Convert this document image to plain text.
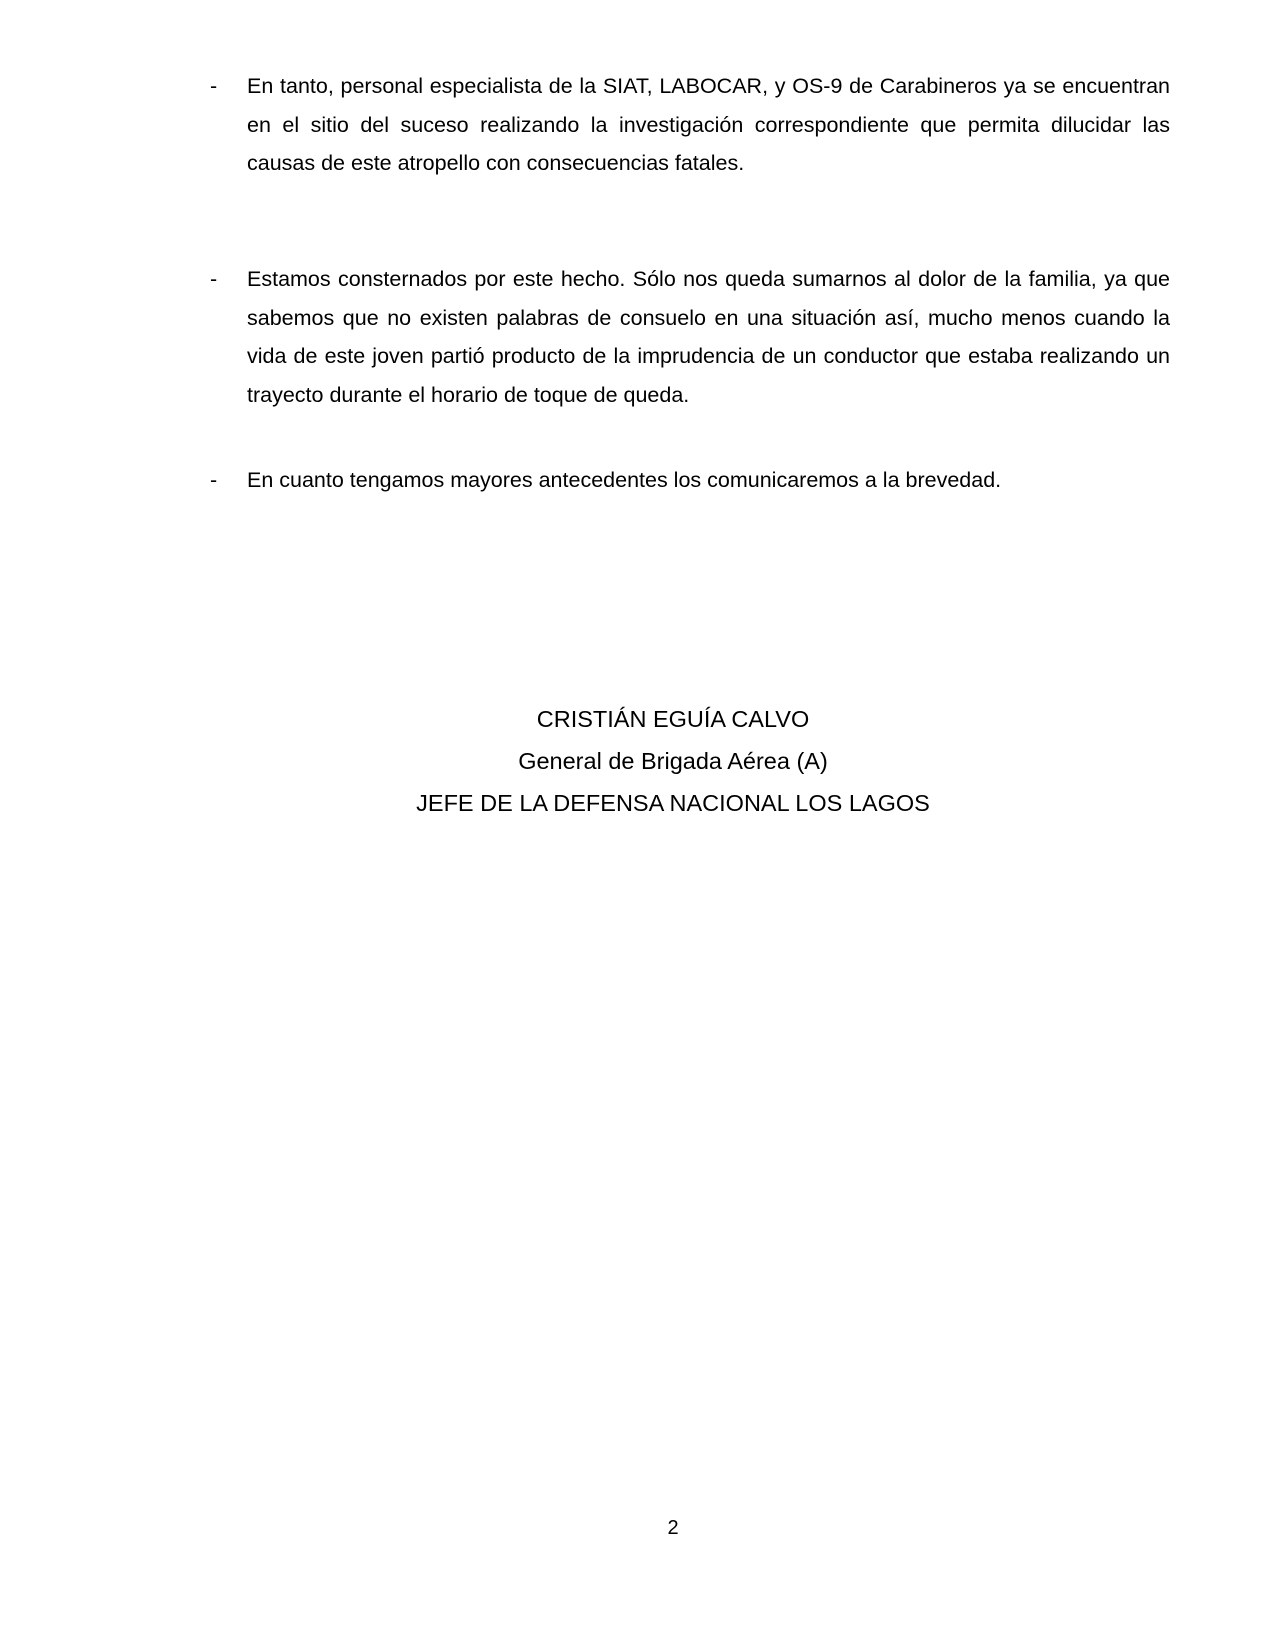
- En tanto, personal especialista de la SIAT, LABOCAR, y OS-9 de Carabineros ya se encuentran en el sitio del suceso realizando la investigación correspondiente que permita dilucidar las causas de este atropello con consecuencias fatales.
- Estamos consternados por este hecho. Sólo nos queda sumarnos al dolor de la familia, ya que sabemos que no existen palabras de consuelo en una situación así, mucho menos cuando la vida de este joven partió producto de la imprudencia de un conductor que estaba realizando un trayecto durante el horario de toque de queda.
- En cuanto tengamos mayores antecedentes los comunicaremos a la brevedad.
CRISTIÁN EGUÍA CALVO
General de Brigada Aérea (A)
JEFE DE LA DEFENSA NACIONAL LOS LAGOS
2
